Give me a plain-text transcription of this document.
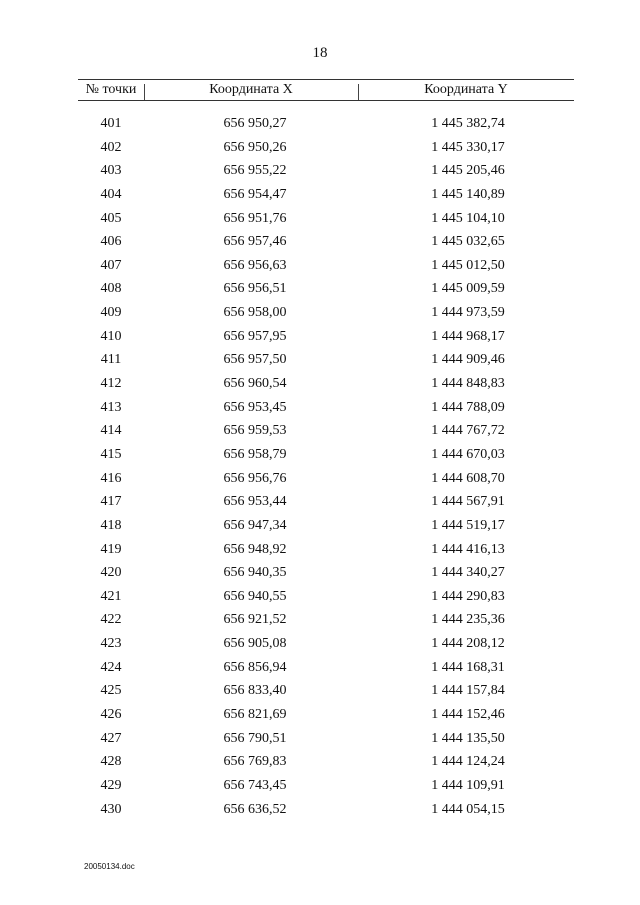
18
№ точки	Координата X	Координата Y
401	656 950,27	1 445 382,74
402	656 950,26	1 445 330,17
403	656 955,22	1 445 205,46
404	656 954,47	1 445 140,89
405	656 951,76	1 445 104,10
406	656 957,46	1 445 032,65
407	656 956,63	1 445 012,50
408	656 956,51	1 445 009,59
409	656 958,00	1 444 973,59
410	656 957,95	1 444 968,17
411	656 957,50	1 444 909,46
412	656 960,54	1 444 848,83
413	656 953,45	1 444 788,09
414	656 959,53	1 444 767,72
415	656 958,79	1 444 670,03
416	656 956,76	1 444 608,70
417	656 953,44	1 444 567,91
418	656 947,34	1 444 519,17
419	656 948,92	1 444 416,13
420	656 940,35	1 444 340,27
421	656 940,55	1 444 290,83
422	656 921,52	1 444 235,36
423	656 905,08	1 444 208,12
424	656 856,94	1 444 168,31
425	656 833,40	1 444 157,84
426	656 821,69	1 444 152,46
427	656 790,51	1 444 135,50
428	656 769,83	1 444 124,24
429	656 743,45	1 444 109,91
430	656 636,52	1 444 054,15
20050134.doc
